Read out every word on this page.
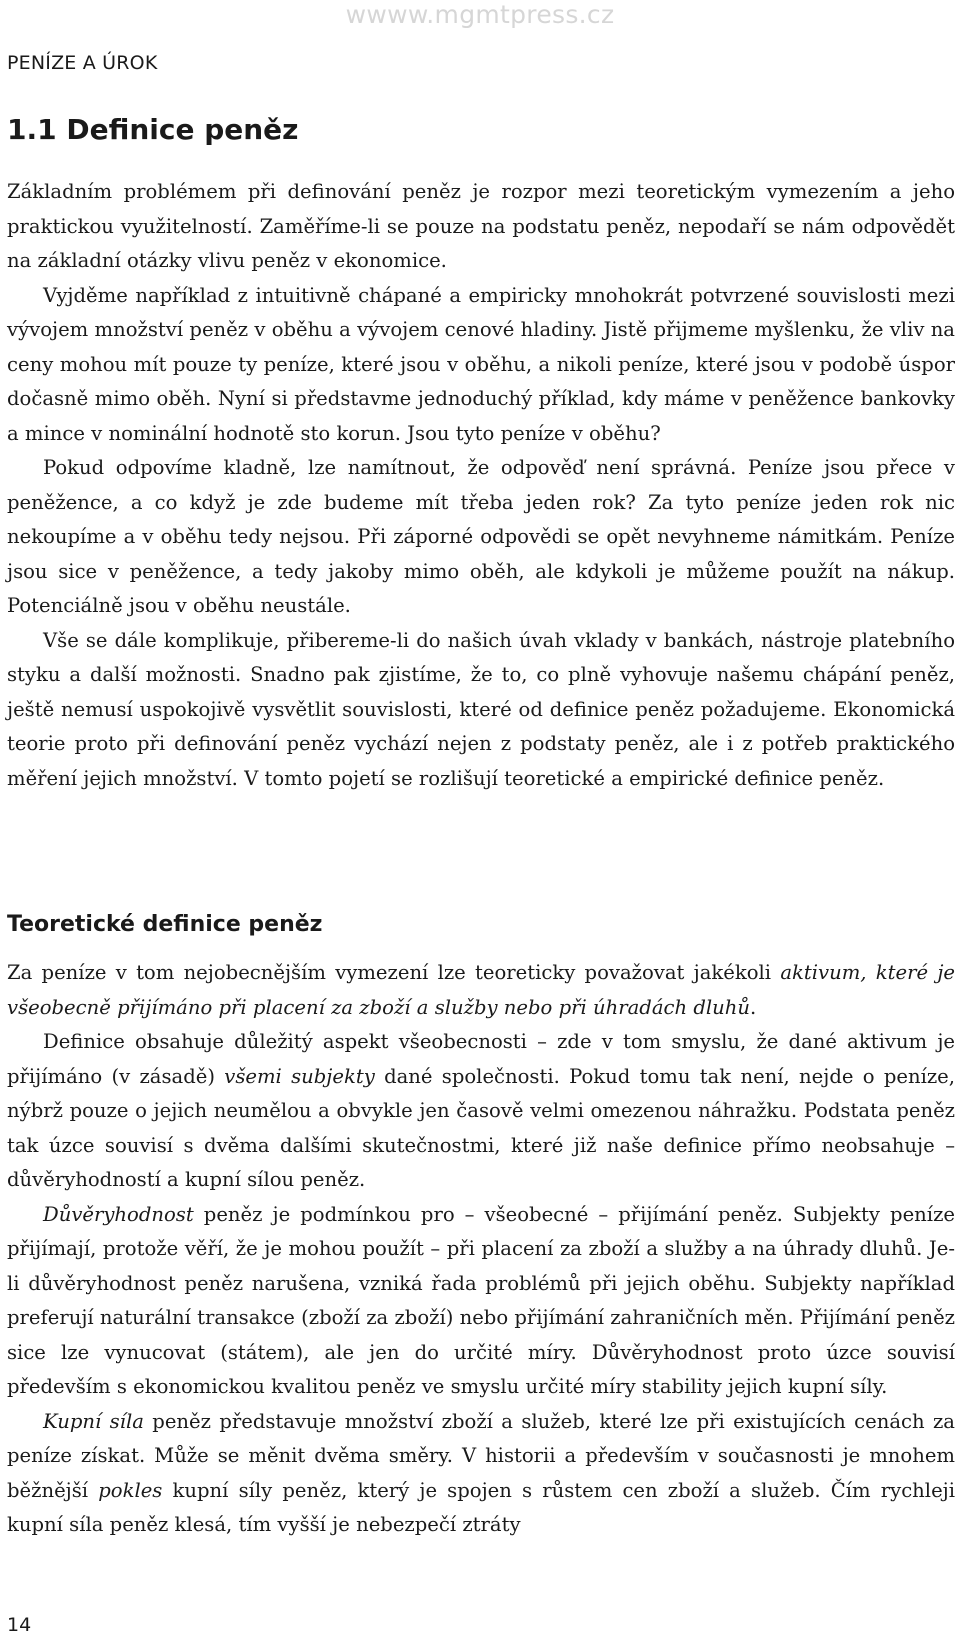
wwww.mgmtpress.cz
PENÍZE A ÚROK
1.1 Definice peněz

Základním problémem při definování peněz je rozpor mezi teoretickým vymezením a jeho praktickou využitelností. Zaměříme-li se pouze na podstatu peněz, nepodaří se nám odpovědět na základní otázky vlivu peněz v ekonomice.

Vyjděme například z intuitivně chápané a empiricky mnohokrát potvrzené souvislosti mezi vývojem množství peněz v oběhu a vývojem cenové hladiny. Jistě přijmeme myšlenku, že vliv na ceny mohou mít pouze ty peníze, které jsou v oběhu, a nikoli peníze, které jsou v podobě úspor dočasně mimo oběh. Nyní si představme jednoduchý příklad, kdy máme v peněžence bankovky a mince v nominální hodnotě sto korun. Jsou tyto peníze v oběhu?

Pokud odpovíme kladně, lze namítnout, že odpověď není správná. Peníze jsou přece v peněžence, a co když je zde budeme mít třeba jeden rok? Za tyto peníze jeden rok nic nekoupíme a v oběhu tedy nejsou. Při záporné odpovědi se opět nevyhneme námitkám. Peníze jsou sice v peněžence, a tedy jakoby mimo oběh, ale kdykoli je můžeme použít na nákup. Potenciálně jsou v oběhu neustále.

Vše se dále komplikuje, přibereme-li do našich úvah vklady v bankách, nástroje platebního styku a další možnosti. Snadno pak zjistíme, že to, co plně vyhovuje našemu chápání peněz, ještě nemusí uspokojivě vysvětlit souvislosti, které od definice peněz požadujeme. Ekonomická teorie proto při definování peněz vychází nejen z podstaty peněz, ale i z potřeb praktického měření jejich množství. V tomto pojetí se rozlišují teoretické a empirické definice peněz.

Teoretické definice peněz

Za peníze v tom nejobecnějším vymezení lze teoreticky považovat jakékoli aktivum, které je všeobecně přijímáno při placení za zboží a služby nebo při úhradách dluhů.

Definice obsahuje důležitý aspekt všeobecnosti – zde v tom smyslu, že dané aktivum je přijímáno (v zásadě) všemi subjekty dané společnosti. Pokud tomu tak není, nejde o peníze, nýbrž pouze o jejich neumělou a obvykle jen časově velmi omezenou náhražku. Podstata peněz tak úzce souvisí s dvěma dalšími skutečnostmi, které již naše definice přímo neobsahuje – důvěryhodností a kupní sílou peněz.

Důvěryhodnost peněz je podmínkou pro – všeobecné – přijímání peněz. Subjekty peníze přijímají, protože věří, že je mohou použít – při placení za zboží a služby a na úhrady dluhů. Je-li důvěryhodnost peněz narušena, vzniká řada problémů při jejich oběhu. Subjekty například preferují naturální transakce (zboží za zboží) nebo přijímání zahraničních měn. Přijímání peněz sice lze vynucovat (státem), ale jen do určité míry. Důvěryhodnost proto úzce souvisí především s ekonomickou kvalitou peněz ve smyslu určité míry stability jejich kupní síly.

Kupní síla peněz představuje množství zboží a služeb, které lze při existujících cenách za peníze získat. Může se měnit dvěma směry. V historii a především v současnosti je mnohem běžnější pokles kupní síly peněz, který je spojen s růstem cen zboží a služeb. Čím rychleji kupní síla peněz klesá, tím vyšší je nebezpečí ztráty

14
